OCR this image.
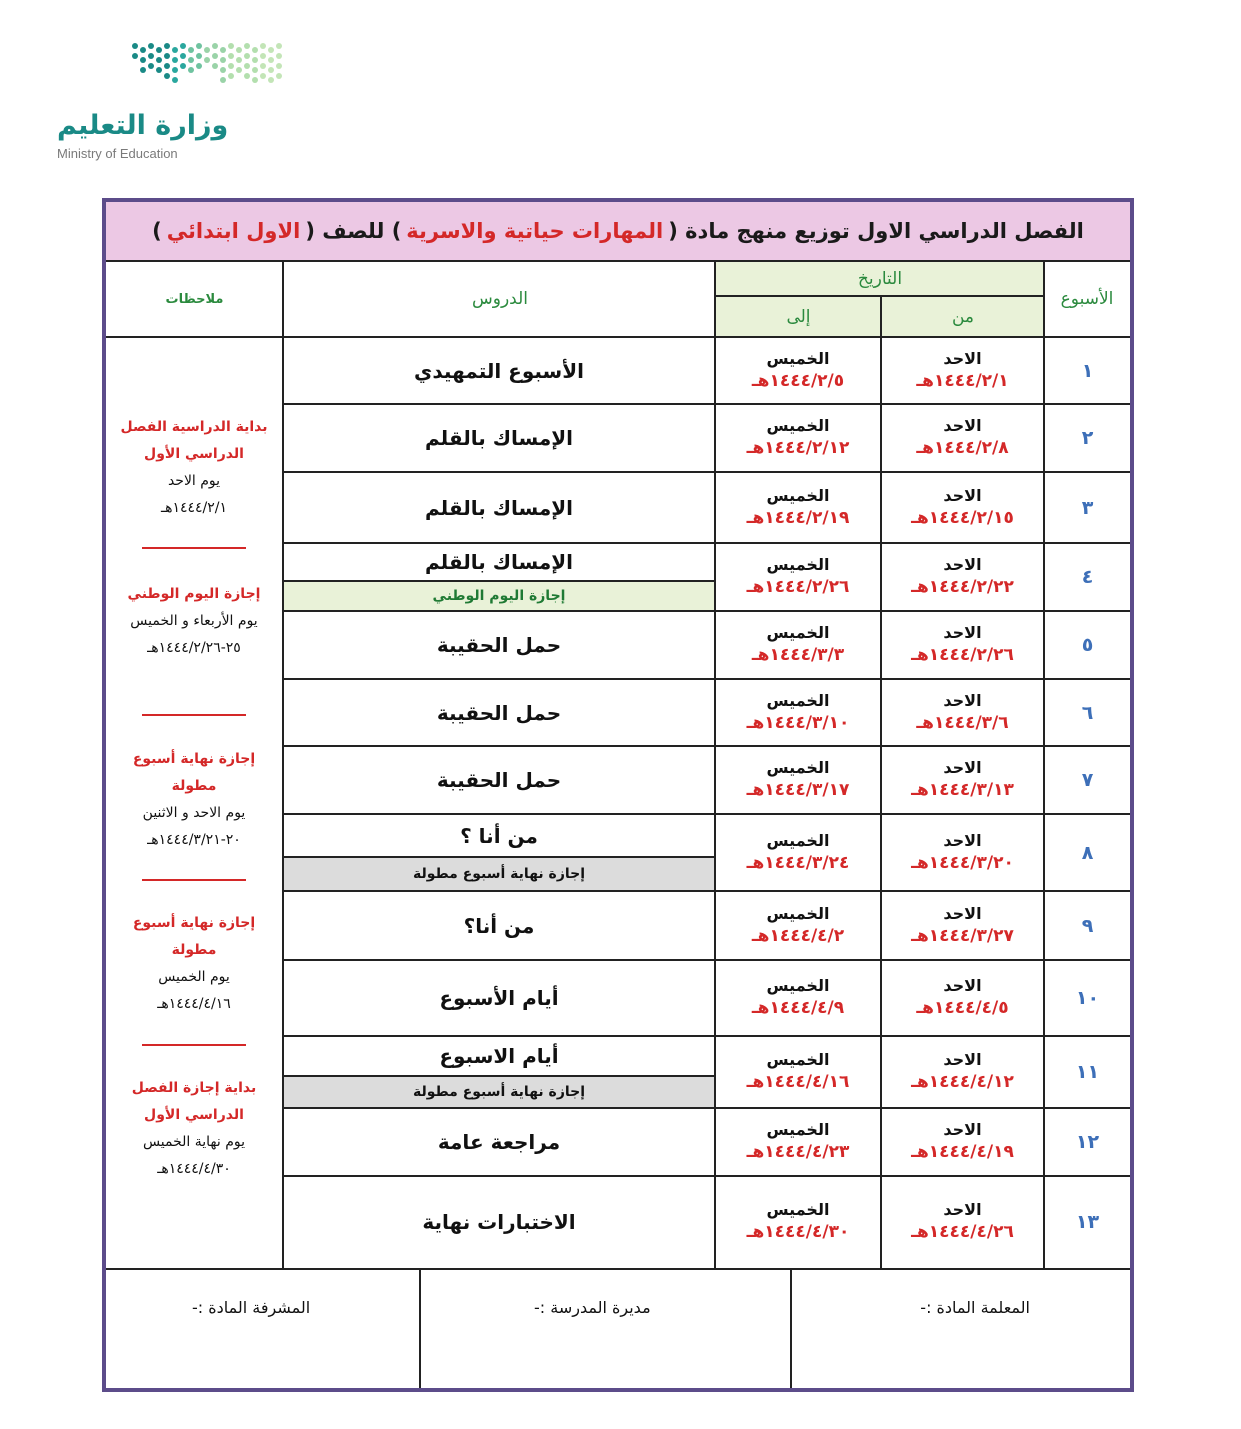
وزارة التعليم
Ministry of Education
الفصل الدراسي الاول توزيع منهج مادة (
المهارات حياتية والاسرية
) للصف (
الاول ابتدائي
)
الأسبوع
التاريخ
من
إلى
الدروس
ملاحظات
١
الاحد
١٤٤٤/٢/١هـ
الخميس
١٤٤٤/٢/٥هـ
الأسبوع التمهيدي
٢
الاحد
١٤٤٤/٢/٨هـ
الخميس
١٤٤٤/٢/١٢هـ
الإمساك بالقلم
٣
الاحد
١٤٤٤/٢/١٥هـ
الخميس
١٤٤٤/٢/١٩هـ
الإمساك بالقلم
٤
الاحد
١٤٤٤/٢/٢٢هـ
الخميس
١٤٤٤/٢/٢٦هـ
الإمساك بالقلم
إجازة اليوم الوطني
٥
الاحد
١٤٤٤/٢/٢٦هـ
الخميس
١٤٤٤/٣/٣هـ
حمل الحقيبة
٦
الاحد
١٤٤٤/٣/٦هـ
الخميس
١٤٤٤/٣/١٠هـ
حمل الحقيبة
٧
الاحد
١٤٤٤/٣/١٣هـ
الخميس
١٤٤٤/٣/١٧هـ
حمل الحقيبة
٨
الاحد
١٤٤٤/٣/٢٠هـ
الخميس
١٤٤٤/٣/٢٤هـ
من أنا ؟
إجازة نهاية أسبوع مطولة
٩
الاحد
١٤٤٤/٣/٢٧هـ
الخميس
١٤٤٤/٤/٢هـ
من أنا؟
١٠
الاحد
١٤٤٤/٤/٥هـ
الخميس
١٤٤٤/٤/٩هـ
أيام الأسبوع
١١
الاحد
١٤٤٤/٤/١٢هـ
الخميس
١٤٤٤/٤/١٦هـ
أيام الاسبوع
إجازة نهاية أسبوع مطولة
١٢
الاحد
١٤٤٤/٤/١٩هـ
الخميس
١٤٤٤/٤/٢٣هـ
مراجعة عامة
١٣
الاحد
١٤٤٤/٤/٢٦هـ
الخميس
١٤٤٤/٤/٣٠هـ
الاختبارات نهاية
بداية الدراسية الفصل الدراسي الأول
يوم الاحد
١٤٤٤/٢/١هـ
إجازة اليوم الوطني
يوم الأربعاء و الخميس
٢٥-١٤٤٤/٢/٢٦هـ
إجازة نهاية أسبوع مطولة
يوم الاحد و الاثنين
٢٠-١٤٤٤/٣/٢١هـ
إجازة نهاية أسبوع مطولة
يوم الخميس
١٤٤٤/٤/١٦هـ
بداية إجازة الفصل الدراسي الأول
يوم نهاية الخميس
١٤٤٤/٤/٣٠هـ
المعلمة المادة :-
مديرة المدرسة :-
المشرفة المادة :-
